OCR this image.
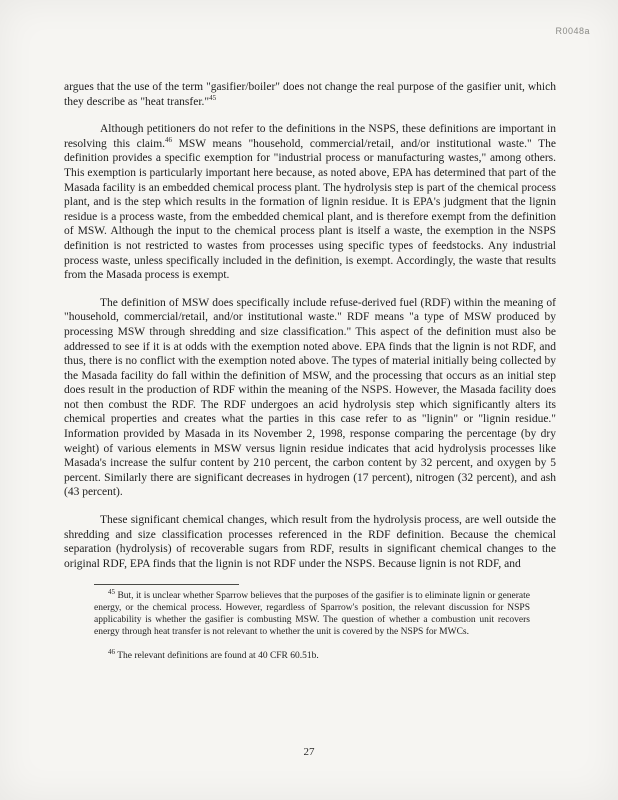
R0048a

argues that the use of the term "gasifier/boiler" does not change the real purpose of the gasifier unit, which they describe as "heat transfer."$^{45}$

Although petitioners do not refer to the definitions in the NSPS, these definitions are important in resolving this claim.$^{46}$ MSW means "household, commercial/retail, and/or institutional waste." The definition provides a specific exemption for "industrial process or manufacturing wastes," among others. This exemption is particularly important here because, as noted above, EPA has determined that part of the Masada facility is an embedded chemical process plant. The hydrolysis step is part of the chemical process plant, and is the step which results in the formation of lignin residue. It is EPA's judgment that the lignin residue is a process waste, from the embedded chemical plant, and is therefore exempt from the definition of MSW. Although the input to the chemical process plant is itself a waste, the exemption in the NSPS definition is not restricted to wastes from processes using specific types of feedstocks. Any industrial process waste, unless specifically included in the definition, is exempt. Accordingly, the waste that results from the Masada process is exempt.

The definition of MSW does specifically include refuse-derived fuel (RDF) within the meaning of "household, commercial/retail, and/or institutional waste." RDF means "a type of MSW produced by processing MSW through shredding and size classification." This aspect of the definition must also be addressed to see if it is at odds with the exemption noted above. EPA finds that the lignin is not RDF, and thus, there is no conflict with the exemption noted above. The types of material initially being collected by the Masada facility do fall within the definition of MSW, and the processing that occurs as an initial step does result in the production of RDF within the meaning of the NSPS. However, the Masada facility does not then combust the RDF. The RDF undergoes an acid hydrolysis step which significantly alters its chemical properties and creates what the parties in this case refer to as "lignin" or "lignin residue." Information provided by Masada in its November 2, 1998, response comparing the percentage (by dry weight) of various elements in MSW versus lignin residue indicates that acid hydrolysis processes like Masada's increase the sulfur content by 210 percent, the carbon content by 32 percent, and oxygen by 5 percent. Similarly there are significant decreases in hydrogen (17 percent), nitrogen (32 percent), and ash (43 percent).

These significant chemical changes, which result from the hydrolysis process, are well outside the shredding and size classification processes referenced in the RDF definition. Because the chemical separation (hydrolysis) of recoverable sugars from RDF, results in significant chemical changes to the original RDF, EPA finds that the lignin is not RDF under the NSPS. Because lignin is not RDF, and

$^{45}$ But, it is unclear whether Sparrow believes that the purposes of the gasifier is to eliminate lignin or generate energy, or the chemical process. However, regardless of Sparrow's position, the relevant discussion for NSPS applicability is whether the gasifier is combusting MSW. The question of whether a combustion unit recovers energy through heat transfer is not relevant to whether the unit is covered by the NSPS for MWCs.

$^{46}$ The relevant definitions are found at 40 CFR 60.51b.

27
